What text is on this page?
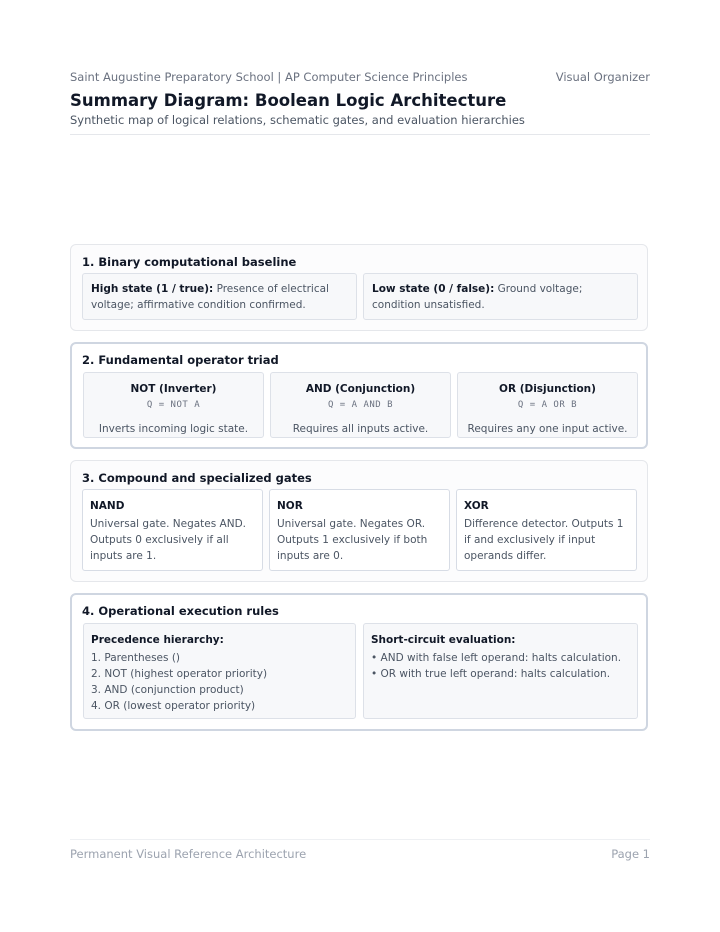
Saint Augustine Preparatory School | AP Computer Science Principles	Visual Organizer
Summary Diagram: Boolean Logic Architecture
Synthetic map of logical relations, schematic gates, and evaluation hierarchies
1. Binary computational baseline
High state (1 / true): Presence of electrical voltage; affirmative condition confirmed.
Low state (0 / false): Ground voltage; condition unsatisfied.
2. Fundamental operator triad
NOT (Inverter)
Q = NOT A
Inverts incoming logic state.
AND (Conjunction)
Q = A AND B
Requires all inputs active.
OR (Disjunction)
Q = A OR B
Requires any one input active.
3. Compound and specialized gates
NAND
Universal gate. Negates AND. Outputs 0 exclusively if all inputs are 1.
NOR
Universal gate. Negates OR. Outputs 1 exclusively if both inputs are 0.
XOR
Difference detector. Outputs 1 if and exclusively if input operands differ.
4. Operational execution rules
Precedence hierarchy:
1. Parentheses ()
2. NOT (highest operator priority)
3. AND (conjunction product)
4. OR (lowest operator priority)
Short-circuit evaluation:
• AND with false left operand: halts calculation.
• OR with true left operand: halts calculation.
Permanent Visual Reference Architecture	Page 1
